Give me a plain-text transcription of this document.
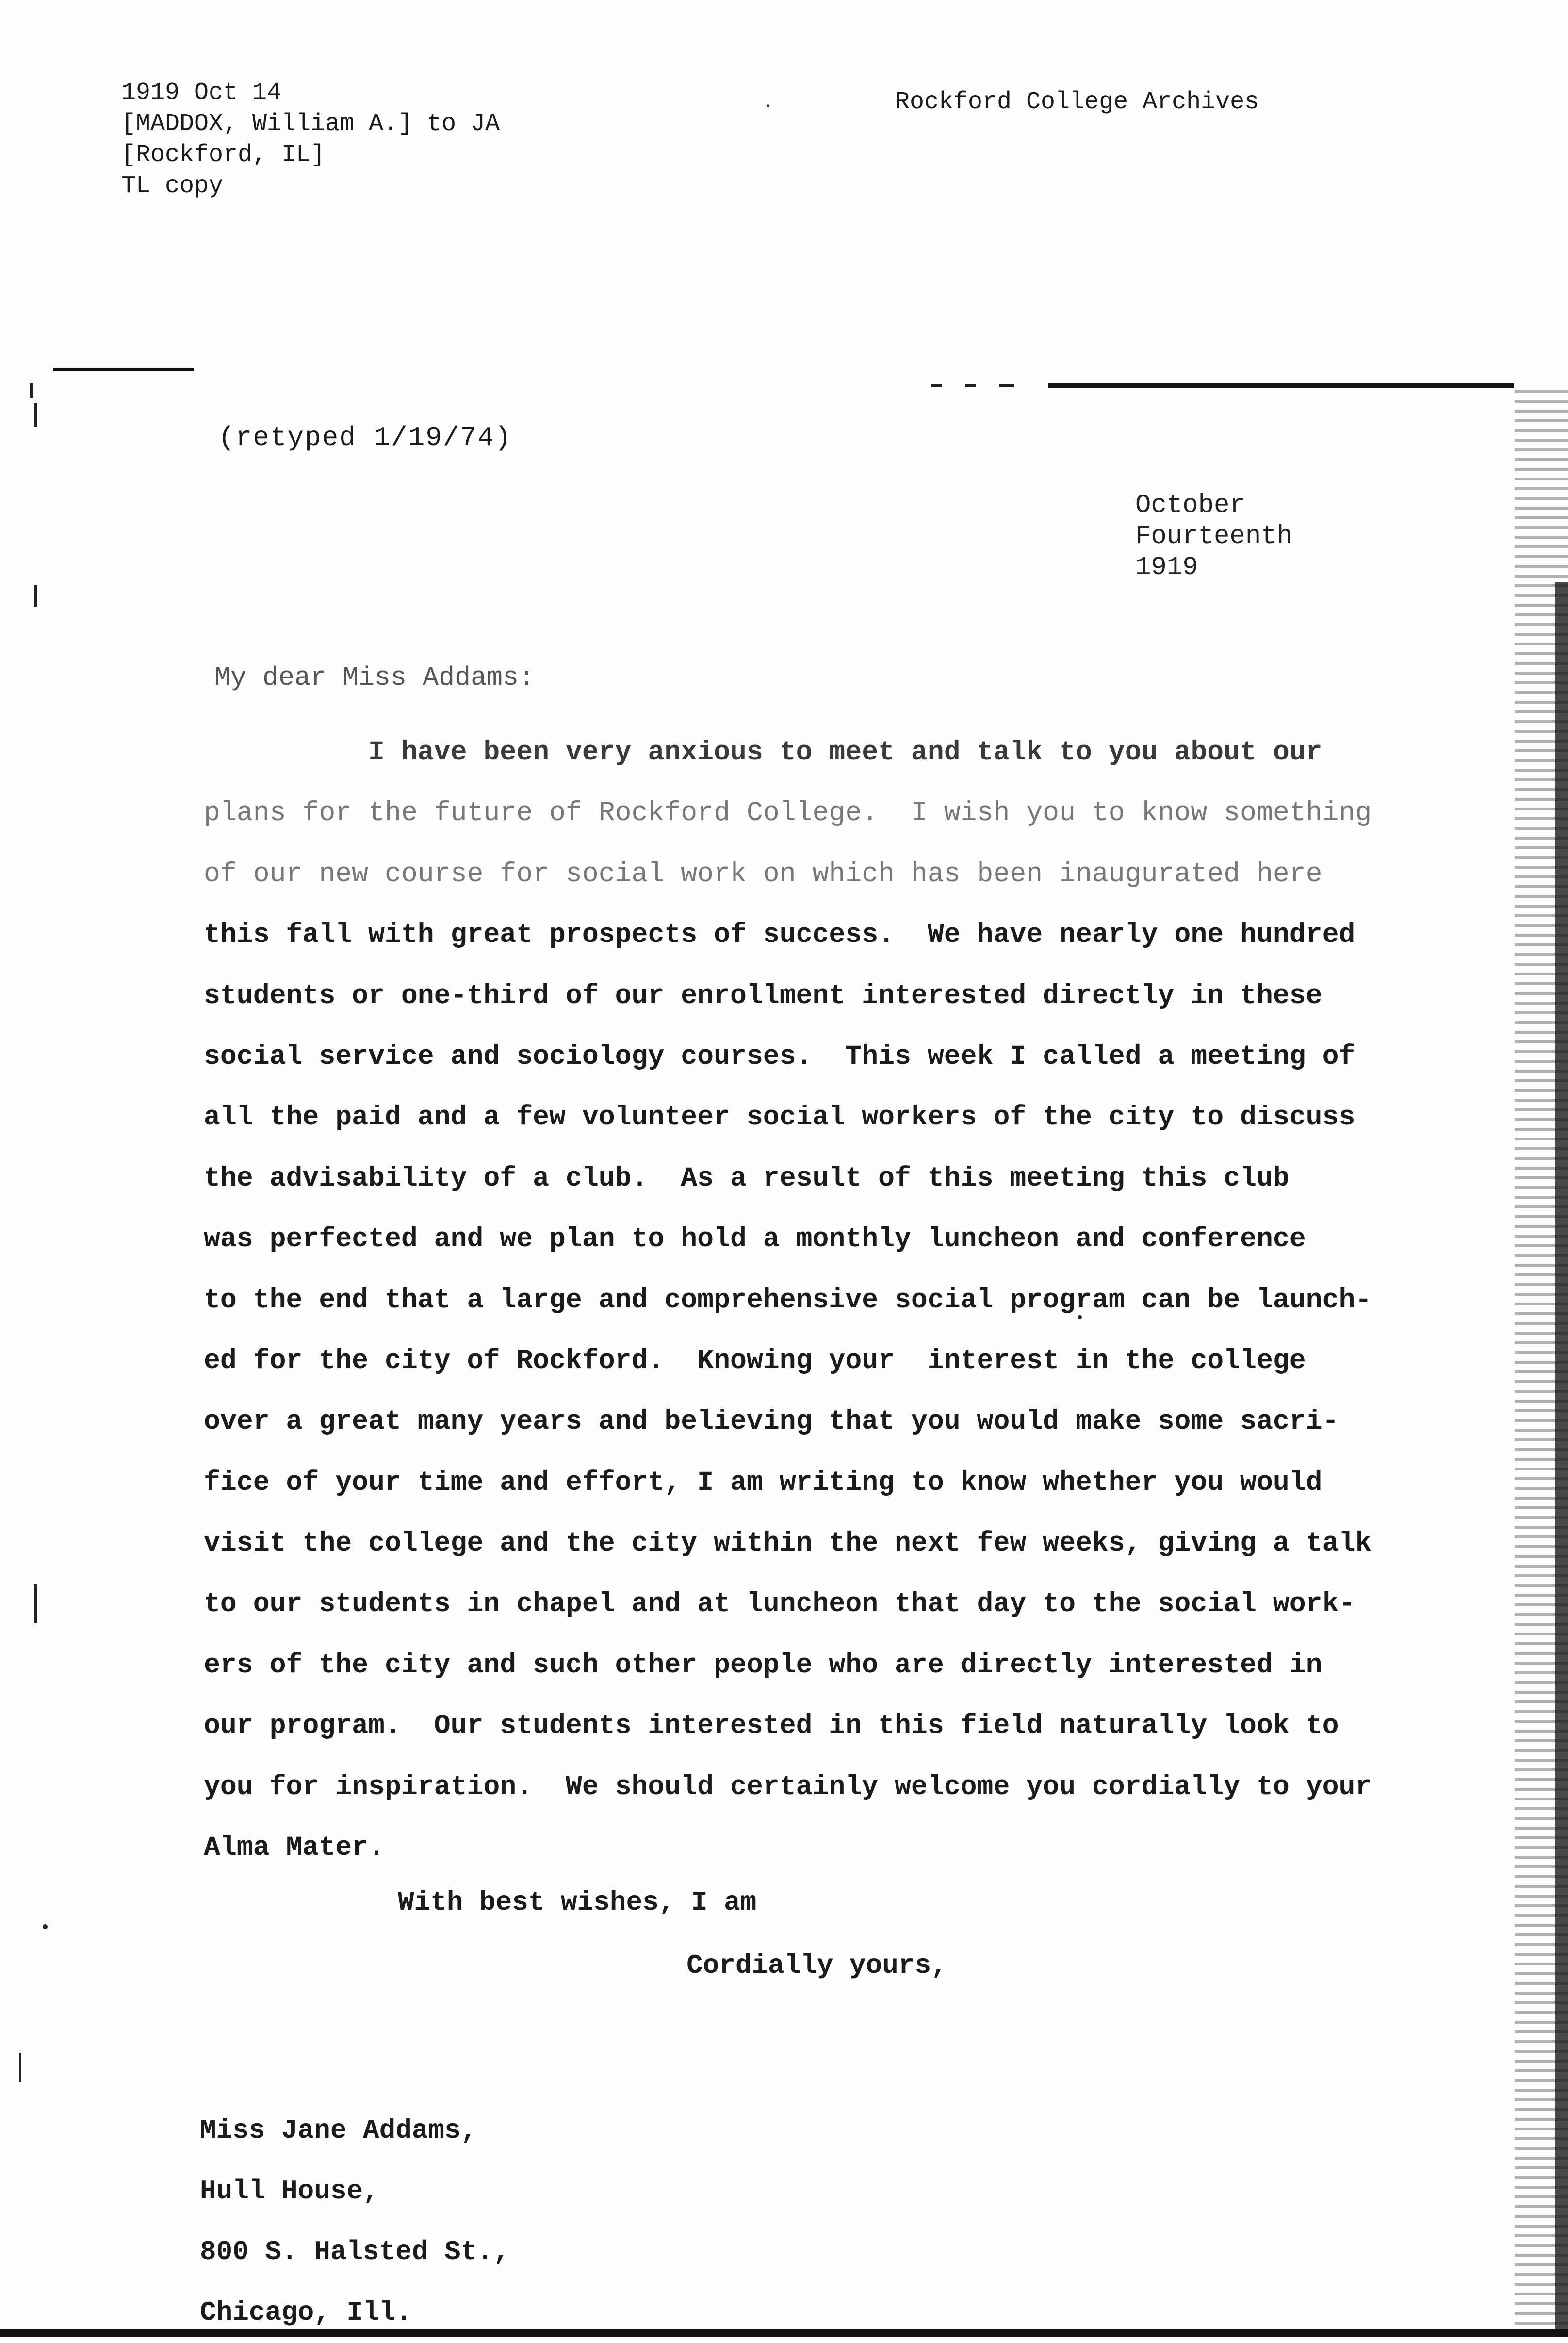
1919 Oct 14
[MADDOX, William A.] to JA
[Rockford, IL]
TL copy
Rockford College Archives
(retyped 1/19/74)
October
Fourteenth
1919
My dear Miss Addams:
I have been very anxious to meet and talk to you about our
plans for the future of Rockford College.  I wish you to know something
of our new course for social work on which has been inaugurated here
this fall with great prospects of success.  We have nearly one hundred
students or one-third of our enrollment interested directly in these
social service and sociology courses.  This week I called a meeting of
all the paid and a few volunteer social workers of the city to discuss
the advisability of a club.  As a result of this meeting this club
was perfected and we plan to hold a monthly luncheon and conference
to the end that a large and comprehensive social program can be launch-
ed for the city of Rockford.  Knowing your  interest in the college
over a great many years and believing that you would make some sacri-
fice of your time and effort, I am writing to know whether you would
visit the college and the city within the next few weeks, giving a talk
to our students in chapel and at luncheon that day to the social work-
ers of the city and such other people who are directly interested in
our program.  Our students interested in this field naturally look to
you for inspiration.  We should certainly welcome you cordially to your
Alma Mater.
With best wishes, I am
Cordially yours,
Miss Jane Addams,
Hull House,
800 S. Halsted St.,
Chicago, Ill.
